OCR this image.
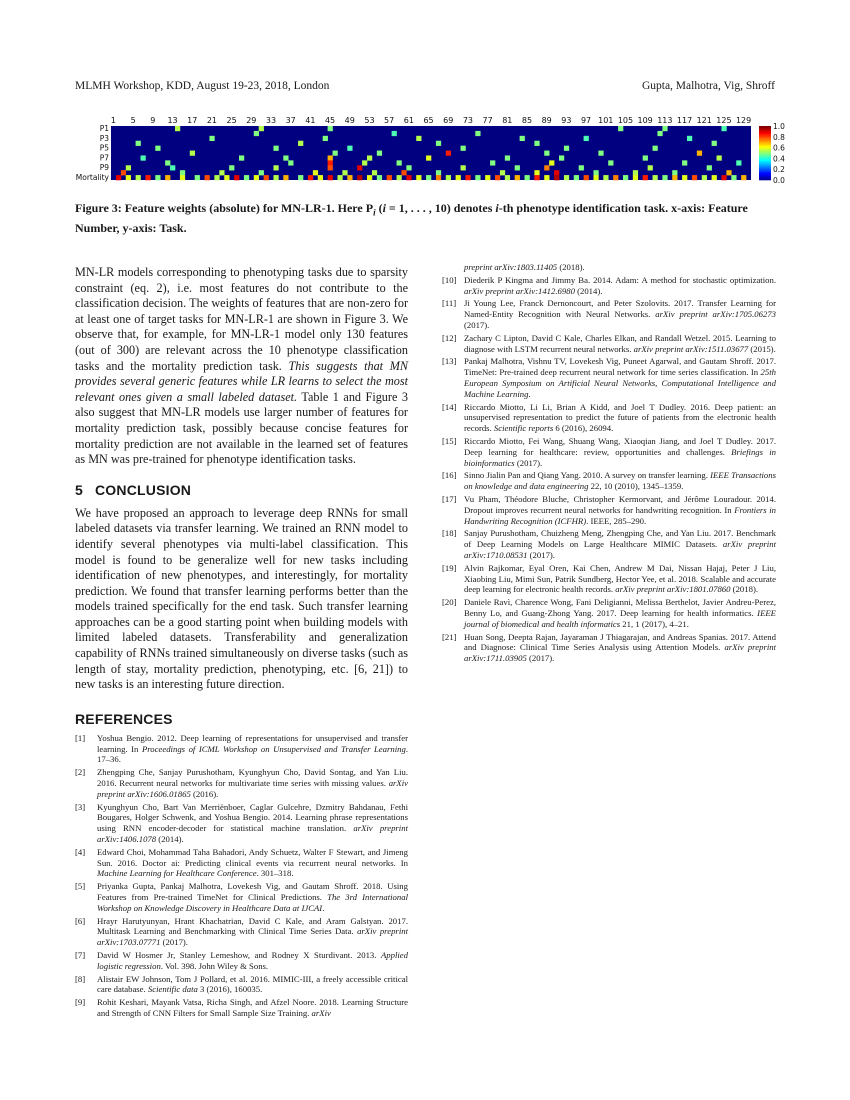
MLMH Workshop, KDD, August 19-23, 2018, London	Gupta, Malhotra, Vig, Shroff
1 5 9 13 17 21 25 29 33 37 41 45 49 53 57 61 65 69 73 77 81 85 89 93 97 101 105 109 113 117 121 125 129
P1
P3
P5
P7
P9
Mortality
1.0
0.8
0.6
0.4
0.2
0.0
Figure 3: Feature weights (absolute) for MN-LR-1. Here $P_i$ (i = 1, . . . , 10) denotes i-th phenotype identification task. x-axis: Feature Number, y-axis: Task.

MN-LR models corresponding to phenotyping tasks due to sparsity constraint (eq. 2), i.e. most features do not contribute to the classification decision. The weights of features that are non-zero for at least one of target tasks for MN-LR-1 are shown in Figure 3. We observe that, for example, for MN-LR-1 model only 130 features (out of 300) are relevant across the 10 phenotype classification tasks and the mortality prediction task. This suggests that MN provides several generic features while LR learns to select the most relevant ones given a small labeled dataset. Table 1 and Figure 3 also suggest that MN-LR models use larger number of features for mortality prediction task, possibly because concise features for mortality prediction are not available in the learned set of features as MN was pre-trained for phenotype identification tasks.

5 CONCLUSION

We have proposed an approach to leverage deep RNNs for small labeled datasets via transfer learning. We trained an RNN model to identify several phenotypes via multi-label classification. This model is found to be generalize well for new tasks including identification of new phenotypes, and interestingly, for mortality prediction. We found that transfer learning performs better than the models trained specifically for the end task. Such transfer learning approaches can be a good starting point when building models with limited labeled datasets. Transferability and generalization capability of RNNs trained simultaneously on diverse tasks (such as length of stay, mortality prediction, phenotyping, etc. [6, 21]) to new tasks is an interesting future direction.

REFERENCES
[1]	Yoshua Bengio. 2012. Deep learning of representations for unsupervised and transfer learning. In Proceedings of ICML Workshop on Unsupervised and Transfer Learning. 17–36.
[2]	Zhengping Che, Sanjay Purushotham, Kyunghyun Cho, David Sontag, and Yan Liu. 2016. Recurrent neural networks for multivariate time series with missing values. arXiv preprint arXiv:1606.01865 (2016).
[3]	Kyunghyun Cho, Bart Van Merriënboer, Caglar Gulcehre, Dzmitry Bahdanau, Fethi Bougares, Holger Schwenk, and Yoshua Bengio. 2014. Learning phrase representations using RNN encoder-decoder for statistical machine translation. arXiv preprint arXiv:1406.1078 (2014).
[4]	Edward Choi, Mohammad Taha Bahadori, Andy Schuetz, Walter F Stewart, and Jimeng Sun. 2016. Doctor ai: Predicting clinical events via recurrent neural networks. In Machine Learning for Healthcare Conference. 301–318.
[5]	Priyanka Gupta, Pankaj Malhotra, Lovekesh Vig, and Gautam Shroff. 2018. Using Features from Pre-trained TimeNet for Clinical Predictions. The 3rd International Workshop on Knowledge Discovery in Healthcare Data at IJCAI.
[6]	Hrayr Harutyunyan, Hrant Khachatrian, David C Kale, and Aram Galstyan. 2017. Multitask Learning and Benchmarking with Clinical Time Series Data. arXiv preprint arXiv:1703.07771 (2017).
[7]	David W Hosmer Jr, Stanley Lemeshow, and Rodney X Sturdivant. 2013. Applied logistic regression. Vol. 398. John Wiley & Sons.
[8]	Alistair EW Johnson, Tom J Pollard, et al. 2016. MIMIC-III, a freely accessible critical care database. Scientific data 3 (2016), 160035.
[9]	Rohit Keshari, Mayank Vatsa, Richa Singh, and Afzel Noore. 2018. Learning Structure and Strength of CNN Filters for Small Sample Size Training. arXiv
preprint arXiv:1803.11405 (2018).
[10] Diederik P Kingma and Jimmy Ba. 2014. Adam: A method for stochastic optimization. arXiv preprint arXiv:1412.6980 (2014).
[11] Ji Young Lee, Franck Dernoncourt, and Peter Szolovits. 2017. Transfer Learning for Named-Entity Recognition with Neural Networks. arXiv preprint arXiv:1705.06273 (2017).
[12] Zachary C Lipton, David C Kale, Charles Elkan, and Randall Wetzel. 2015. Learning to diagnose with LSTM recurrent neural networks. arXiv preprint arXiv:1511.03677 (2015).
[13] Pankaj Malhotra, Vishnu TV, Lovekesh Vig, Puneet Agarwal, and Gautam Shroff. 2017. TimeNet: Pre-trained deep recurrent neural network for time series classification. In 25th European Symposium on Artificial Neural Networks, Computational Intelligence and Machine Learning.
[14] Riccardo Miotto, Li Li, Brian A Kidd, and Joel T Dudley. 2016. Deep patient: an unsupervised representation to predict the future of patients from the electronic health records. Scientific reports 6 (2016), 26094.
[15] Riccardo Miotto, Fei Wang, Shuang Wang, Xiaoqian Jiang, and Joel T Dudley. 2017. Deep learning for healthcare: review, opportunities and challenges. Briefings in bioinformatics (2017).
[16] Sinno Jialin Pan and Qiang Yang. 2010. A survey on transfer learning. IEEE Transactions on knowledge and data engineering 22, 10 (2010), 1345–1359.
[17] Vu Pham, Théodore Bluche, Christopher Kermorvant, and Jérôme Louradour. 2014. Dropout improves recurrent neural networks for handwriting recognition. In Frontiers in Handwriting Recognition (ICFHR). IEEE, 285–290.
[18] Sanjay Purushotham, Chuizheng Meng, Zhengping Che, and Yan Liu. 2017. Benchmark of Deep Learning Models on Large Healthcare MIMIC Datasets. arXiv preprint arXiv:1710.08531 (2017).
[19] Alvin Rajkomar, Eyal Oren, Kai Chen, Andrew M Dai, Nissan Hajaj, Peter J Liu, Xiaobing Liu, Mimi Sun, Patrik Sundberg, Hector Yee, et al. 2018. Scalable and accurate deep learning for electronic health records. arXiv preprint arXiv:1801.07860 (2018).
[20] Daniele Ravì, Charence Wong, Fani Deligianni, Melissa Berthelot, Javier Andreu-Perez, Benny Lo, and Guang-Zhong Yang. 2017. Deep learning for health informatics. IEEE journal of biomedical and health informatics 21, 1 (2017), 4–21.
[21] Huan Song, Deepta Rajan, Jayaraman J Thiagarajan, and Andreas Spanias. 2017. Attend and Diagnose: Clinical Time Series Analysis using Attention Models. arXiv preprint arXiv:1711.03905 (2017).
